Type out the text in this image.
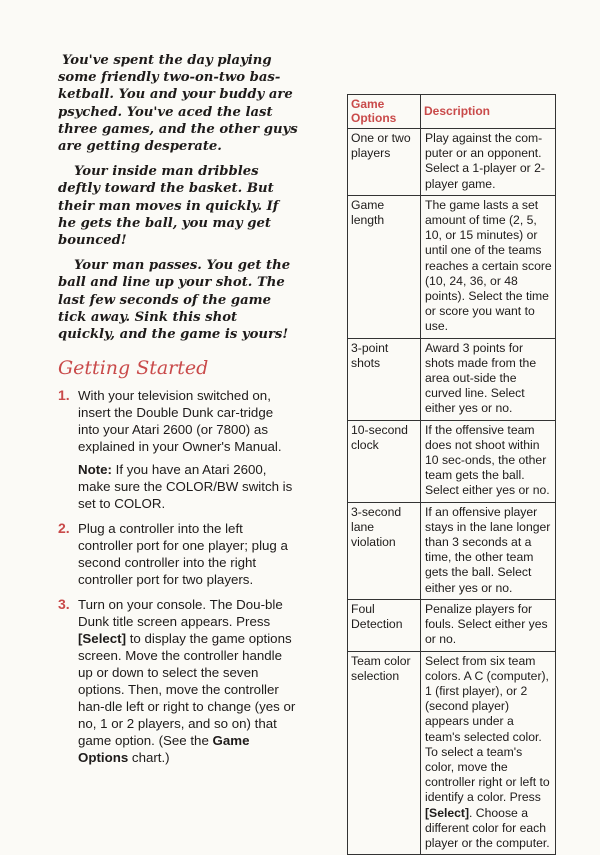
You've spent the day playing some friendly two-on-two bas-ketball. You and your buddy are psyched. You've aced the last three games, and the other guys are getting desperate.

Your inside man dribbles deftly toward the basket. But their man moves in quickly. If he gets the ball, you may get bounced!

Your man passes. You get the ball and line up your shot. The last few seconds of the game tick away. Sink this shot quickly, and the game is yours!

Getting Started
1. With your television switched on, insert the Double Dunk car-tridge into your Atari 2600 (or 7800) as explained in your Owner's Manual.

Note: If you have an Atari 2600, make sure the COLOR/BW switch is set to COLOR.

2. Plug a controller into the left controller port for one player; plug a second controller into the right controller port for two players.

3. Turn on your console. The Dou-ble Dunk title screen appears. Press [Select] to display the game options screen. Move the controller handle up or down to select the seven options. Then, move the controller han-dle left or right to change (yes or no, 1 or 2 players, and so on) that game option. (See the Game Options chart.)

Game Options	Description
One or two players	Play against the com-puter or an opponent. Select a 1-player or 2-player game.
Game length	The game lasts a set amount of time (2, 5, 10, or 15 minutes) or until one of the teams reaches a certain score (10, 24, 36, or 48 points). Select the time or score you want to use.
3-point shots	Award 3 points for shots made from the area out-side the curved line. Select either yes or no.
10-second clock	If the offensive team does not shoot within 10 sec-onds, the other team gets the ball. Select either yes or no.
3-second lane violation	If an offensive player stays in the lane longer than 3 seconds at a time, the other team gets the ball. Select either yes or no.
Foul Detection	Penalize players for fouls. Select either yes or no.
Team color selection	Select from six team colors. A C (computer), 1 (first player), or 2 (second player) appears under a team's selected color. To select a team's color, move the controller right or left to identify a color. Press [Select]. Choose a different color for each player or the computer.
